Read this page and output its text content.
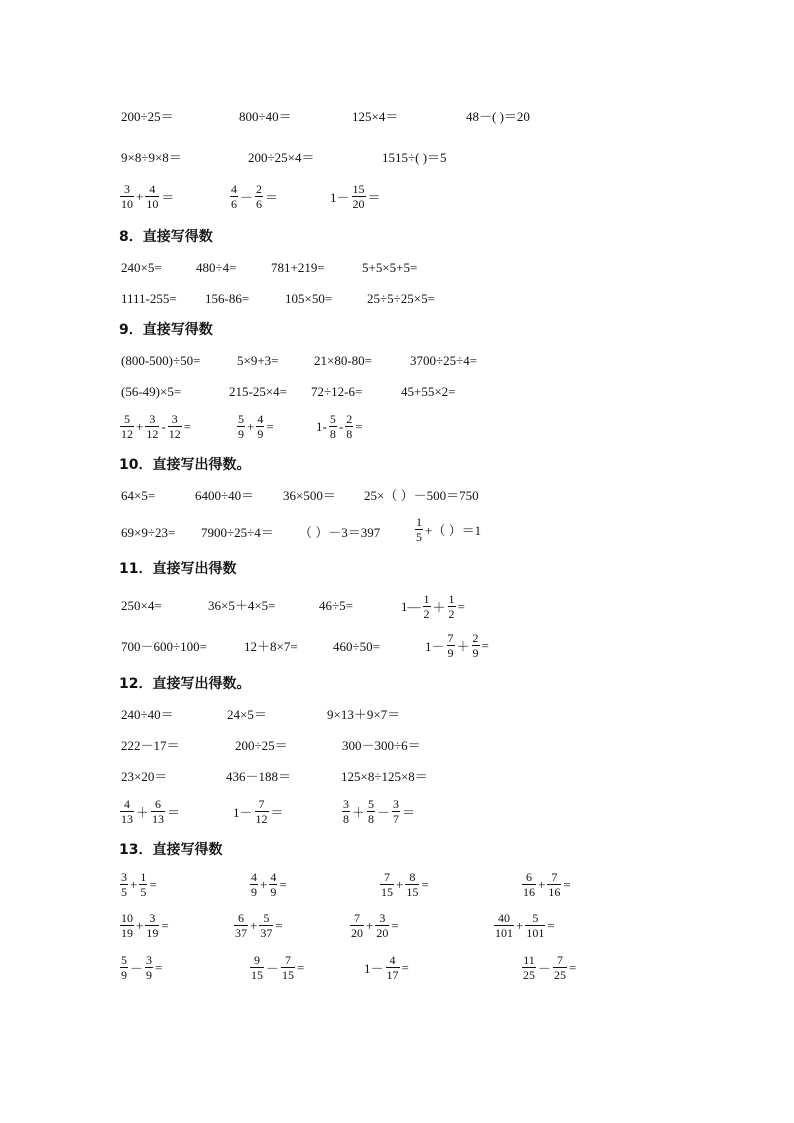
200÷25＝	800÷40＝	125×4＝	48－( )＝20
9×8÷9×8＝	200÷25×4＝	1515÷( )＝5
$\frac{3}{10} + \frac{4}{10}$ ＝	$\frac{4}{6} - \frac{2}{6}$ ＝	$1- \frac{15}{20}$ ＝
8．直接写得数
240×5=	480÷4=	781+219=	5+5×5+5=
1111-255= 156-86=	105×50=	25÷5÷25×5=
9．直接写得数
(800-500)÷50=	5×9+3=	21×80-80=	3700÷25÷4=
(56-49)×5=	215-25×4= 72÷12-6=	45+55×2=
$\frac{5}{12} + \frac{3}{12} - \frac{3}{12}$ =	$\frac{5}{9} + \frac{4}{9}$ =	$1- \frac{5}{8} - \frac{2}{8}$ =
10．直接写出得数。
64×5=	6400÷40＝ 36×500＝ 25×（ ）－500＝750
69×9÷23= 7900÷25÷4＝ （ ）－3＝397	$\frac{1}{5}$ +（ ）＝1
11．直接写出得数
250×4=	36×5＋4×5=	46÷5=	1— $\frac{1}{2} + \frac{1}{2}$ =
700－600÷100=	12＋8×7=	460÷50=	$1- \frac{7}{9} + \frac{2}{9}$ =
12．直接写出得数。
240÷40＝	24×5＝	9×13＋9×7＝
222－17＝	200÷25＝	300－300÷6＝
23×20＝	436－188＝	125×8÷125×8＝
$\frac{4}{13} + \frac{6}{13}$ ＝	$1- \frac{7}{12}$ ＝	$\frac{3}{8} + \frac{5}{8} - \frac{3}{7}$ ＝
13．直接写得数
$\frac{3}{5} + \frac{1}{5}$ =	$\frac{4}{9} + \frac{4}{9}$ =	$\frac{7}{15} + \frac{8}{15}$ =	$\frac{6}{16} + \frac{7}{16}$ =
$\frac{10}{19} + \frac{3}{19}$ =	$\frac{6}{37} + \frac{5}{37}$ =	$\frac{7}{20} + \frac{3}{20}$ =	$\frac{40}{101} + \frac{5}{101}$ =
$\frac{5}{9} - \frac{3}{9}$ =	$\frac{9}{15} - \frac{7}{15}$ =	$1- \frac{4}{17}$ =	$\frac{11}{25} - \frac{7}{25}$ =
